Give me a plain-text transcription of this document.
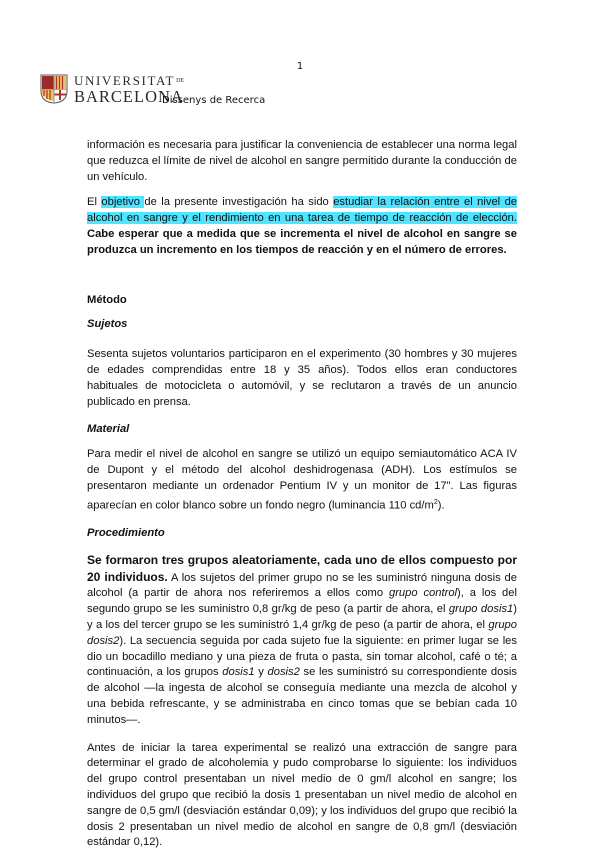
1
$UNIVERSITAT^{DE}$
BARCELONA
Dissenys de Recerca

información es necesaria para justificar la conveniencia de establecer una norma legal que reduzca el límite de nivel de alcohol en sangre permitido durante la conducción de un vehículo.

El objetivo de la presente investigación ha sido estudiar la relación entre el nivel de alcohol en sangre y el rendimiento en una tarea de tiempo de reacción de elección. Cabe esperar que a medida que se incrementa el nivel de alcohol en sangre se produzca un incremento en los tiempos de reacción y en el número de errores.

Método

Sujetos

Sesenta sujetos voluntarios participaron en el experimento (30 hombres y 30 mujeres de edades comprendidas entre 18 y 35 años). Todos ellos eran conductores habituales de motocicleta o automóvil, y se reclutaron a través de un anuncio publicado en prensa.

Material

Para medir el nivel de alcohol en sangre se utilizó un equipo semiautomático ACA IV de Dupont y el método del alcohol deshidrogenasa (ADH). Los estímulos se presentaron mediante un ordenador Pentium IV y un monitor de 17". Las figuras aparecían en color blanco sobre un fondo negro (luminancia 110 $cd/m^2$).

Procedimiento

Se formaron tres grupos aleatoriamente, cada uno de ellos compuesto por 20 individuos. A los sujetos del primer grupo no se les suministró ninguna dosis de alcohol (a partir de ahora nos referiremos a ellos como grupo control), a los del segundo grupo se les suministro 0,8 gr/kg de peso (a partir de ahora, el grupo dosis1) y a los del tercer grupo se les suministró 1,4 gr/kg de peso (a partir de ahora, el grupo dosis2). La secuencia seguida por cada sujeto fue la siguiente: en primer lugar se les dio un bocadillo mediano y una pieza de fruta o pasta, sin tomar alcohol, café o té; a continuación, a los grupos dosis1 y dosis2 se les suministró su correspondiente dosis de alcohol —la ingesta de alcohol se conseguía mediante una mezcla de alcohol y una bebida refrescante, y se administraba en cinco tomas que se bebían cada 10 minutos—.

Antes de iniciar la tarea experimental se realizó una extracción de sangre para determinar el grado de alcoholemia y pudo comprobarse lo siguiente: los individuos del grupo control presentaban un nivel medio de 0 gm/l alcohol en sangre; los individuos del grupo que recibió la dosis 1 presentaban un nivel medio de alcohol en sangre de 0,5 gm/l (desviación estándar 0,09); y los individuos del grupo que recibió la dosis 2 presentaban un nivel medio de alcohol en sangre de 0,8 gm/l (desviación estándar 0,12).
